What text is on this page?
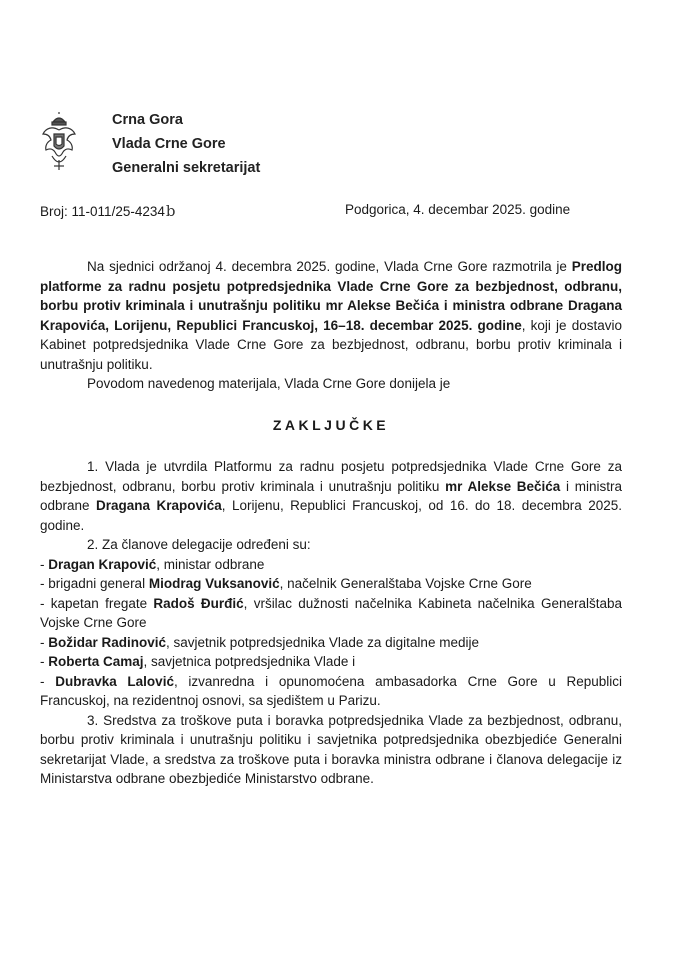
Crna Gora
Vlada Crne Gore
Generalni sekretarijat
Broj: 11-011/25-4234b	Podgorica, 4. decembar 2025. godine

Na sjednici održanoj 4. decembra 2025. godine, Vlada Crne Gore razmotrila je Predlog platforme za radnu posjetu potpredsjednika Vlade Crne Gore za bezbjednost, odbranu, borbu protiv kriminala i unutrašnju politiku mr Alekse Bečića i ministra odbrane Dragana Krapovića, Lorijenu, Republici Francuskoj, 16–18. decembar 2025. godine, koji je dostavio Kabinet potpredsjednika Vlade Crne Gore za bezbjednost, odbranu, borbu protiv kriminala i unutrašnju politiku.

Povodom navedenog materijala, Vlada Crne Gore donijela je

ZAKLJUČKE

1. Vlada je utvrdila Platformu za radnu posjetu potpredsjednika Vlade Crne Gore za bezbjednost, odbranu, borbu protiv kriminala i unutrašnju politiku mr Alekse Bečića i ministra odbrane Dragana Krapovića, Lorijenu, Republici Francuskoj, od 16. do 18. decembra 2025. godine.

2. Za članove delegacije određeni su:

- Dragan Krapović, ministar odbrane

- brigadni general Miodrag Vuksanović, načelnik Generalštaba Vojske Crne Gore

- kapetan fregate Radoš Đurđić, vršilac dužnosti načelnika Kabineta načelnika Generalštaba Vojske Crne Gore

- Božidar Radinović, savjetnik potpredsjednika Vlade za digitalne medije

- Roberta Camaj, savjetnica potpredsjednika Vlade i

- Dubravka Lalović, izvanredna i opunomoćena ambasadorka Crne Gore u Republici Francuskoj, na rezidentnoj osnovi, sa sjedištem u Parizu.

3. Sredstva za troškove puta i boravka potpredsjednika Vlade za bezbjednost, odbranu, borbu protiv kriminala i unutrašnju politiku i savjetnika potpredsjednika obezbjediće Generalni sekretarijat Vlade, a sredstva za troškove puta i boravka ministra odbrane i članova delegacije iz Ministarstva odbrane obezbjediće Ministarstvo odbrane.
